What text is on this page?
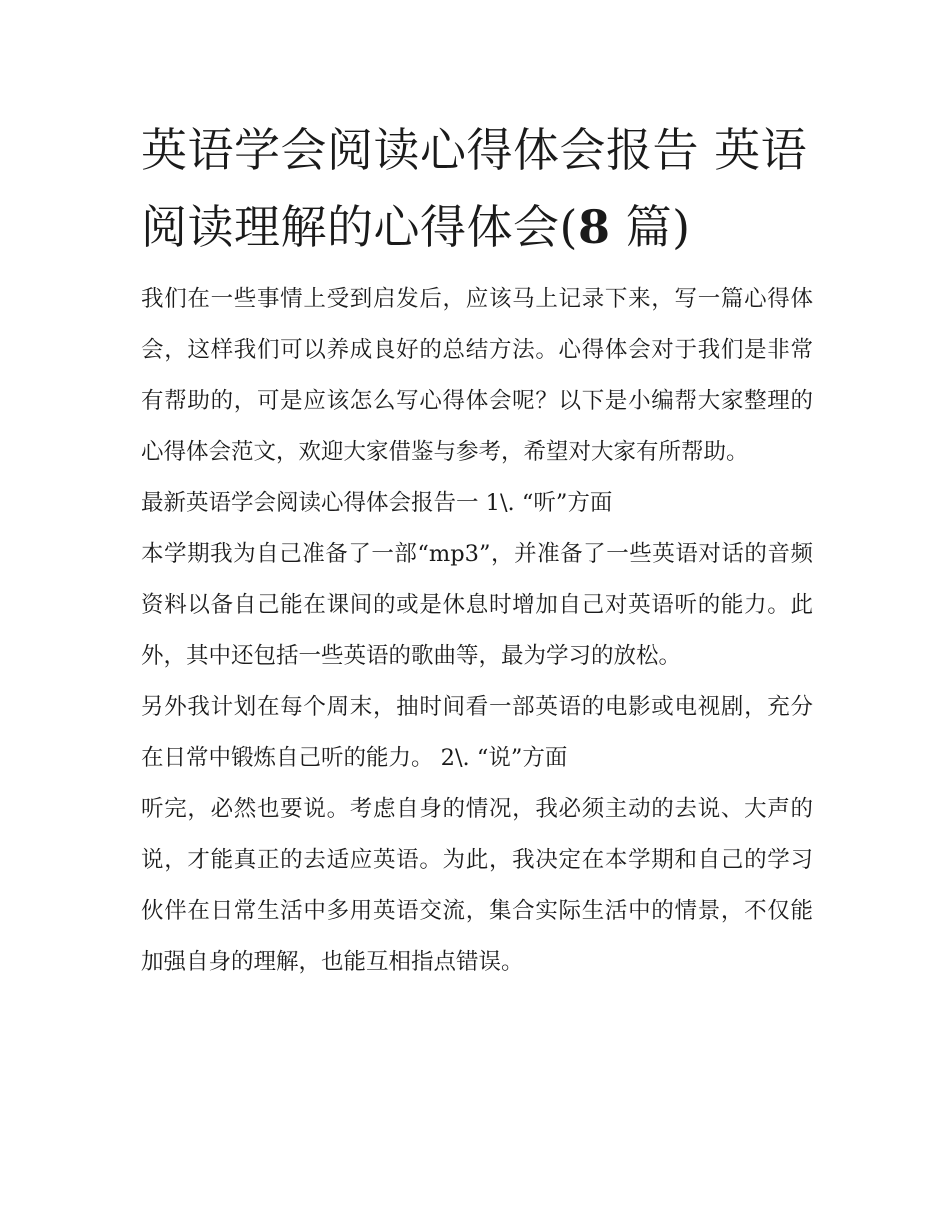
英语学会阅读心得体会报告 英语阅读理解的心得体会(8 篇)

我们在一些事情上受到启发后，应该马上记录下来，写一篇心得体会，这样我们可以养成良好的总结方法。心得体会对于我们是非常有帮助的，可是应该怎么写心得体会呢？以下是小编帮大家整理的心得体会范文，欢迎大家借鉴与参考，希望对大家有所帮助。

最新英语学会阅读心得体会报告一 1\. “听”方面

本学期我为自己准备了一部“mp3”，并准备了一些英语对话的音频资料以备自己能在课间的或是休息时增加自己对英语听的能力。此外，其中还包括一些英语的歌曲等，最为学习的放松。

另外我计划在每个周末，抽时间看一部英语的电影或电视剧，充分在日常中锻炼自己听的能力。 2\. “说”方面

听完，必然也要说。考虑自身的情况，我必须主动的去说、大声的说，才能真正的去适应英语。为此，我决定在本学期和自己的学习伙伴在日常生活中多用英语交流，集合实际生活中的情景，不仅能加强自身的理解，也能互相指点错误。
